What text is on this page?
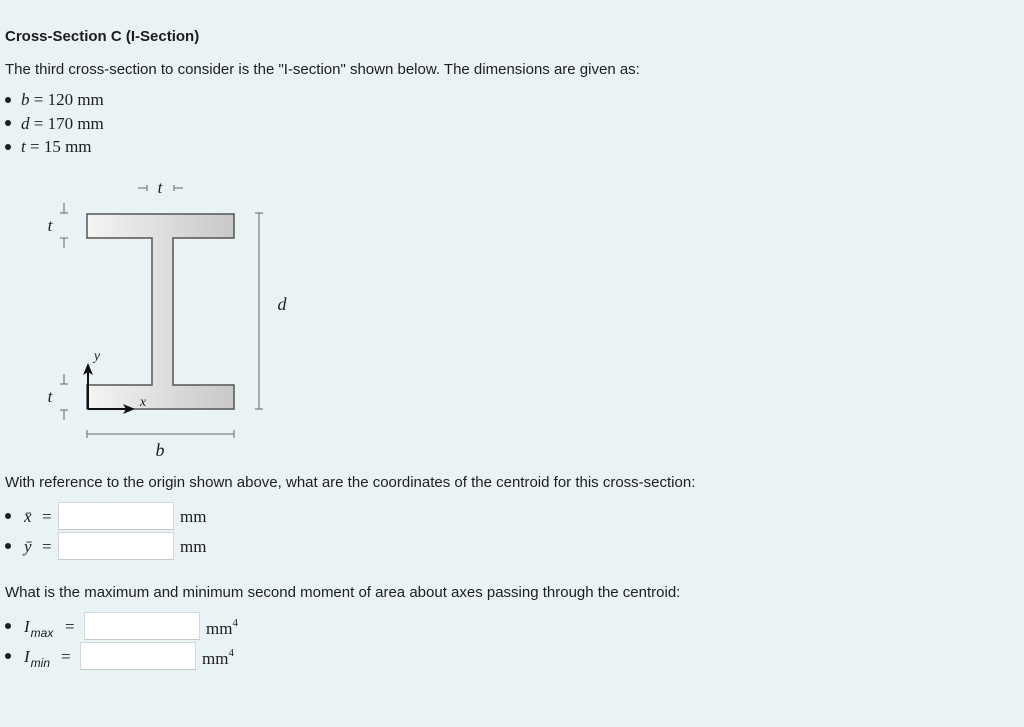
Cross-Section C (I-Section)
The third cross-section to consider is the "I-section" shown below. The dimensions are given as:
b = 120 mm
d = 170 mm
t = 15 mm
t
t
t
d
b
x
y
With reference to the origin shown above, what are the coordinates of the centroid for this cross-section:
x̄ =	mm
ȳ =	mm
What is the maximum and minimum second moment of area about axes passing through the centroid:
$I_{max}$ =	$mm^4$
$I_{min}$ =	$mm^4$
